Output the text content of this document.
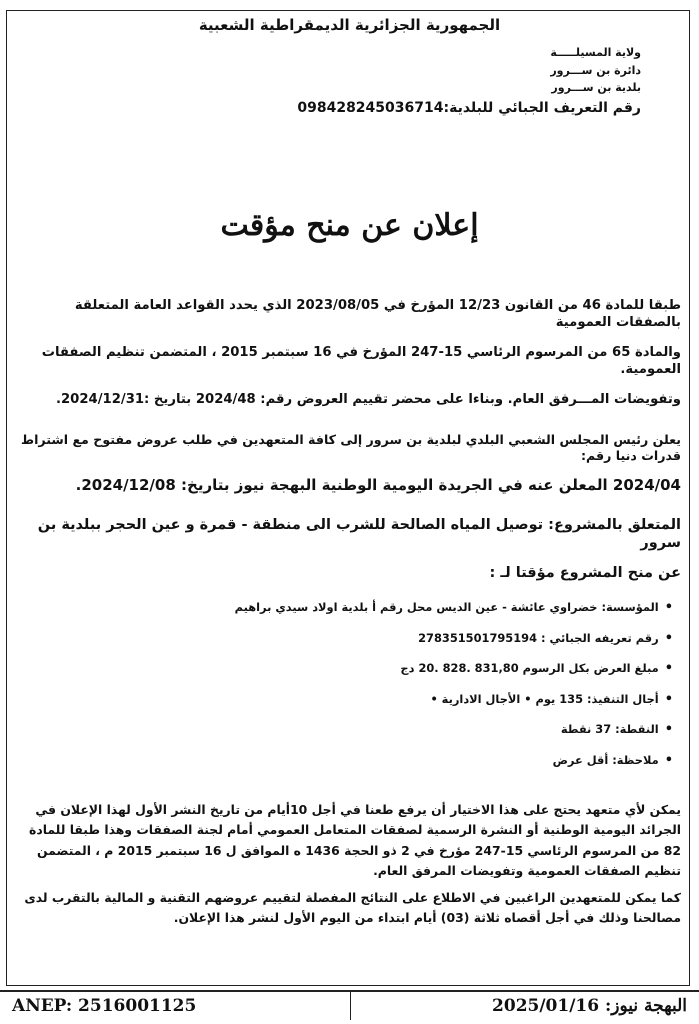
الجمهورية الجزائرية الديمقراطية الشعبية
ولاية المسيلـــــة
دائرة بن ســـرور
بلدية بن ســـرور
رقم التعريف الجبائي للبلدية:098428245036714
إعلان عن منح مؤقت
طبقا للمادة 46 من القانون 12/23 المؤرخ في 2023/08/05 الذي يحدد القواعد العامة المتعلقة بالصفقات العمومية
والمادة 65 من المرسوم الرئاسي 15-247 المؤرخ في 16 سبتمبر 2015 ، المتضمن تنظيم الصفقات العمومية.
وتفويضات المـــرفق العام. وبناءا على محضر تقييم العروض رقم: 2024/48 بتاريخ :2024/12/31.
يعلن رئيس المجلس الشعبي البلدي لبلدية بن سرور إلى كافة المتعهدين في طلب عروض مفتوح مع اشتراط قدرات دنيا رقم:
2024/04 المعلن عنه في الجريدة اليومية الوطنية البهجة نيوز بتاريخ: 2024/12/08.
المتعلق بالمشروع: توصيل المياه الصالحة للشرب الى منطقة - قمرة و عين الحجر ببلدية بن سرور
عن منح المشروع مؤقتا لـ :
•
المؤسسة: خضراوي عائشة - عين الديس محل رقم أ بلدية اولاد سيدي براهيم
•
رقم تعريفه الجبائي : 278351501795194
•
مبلغ العرض بكل الرسوم 831,80 .828 .20 دج
•
أجال التنفيذ: 135 يوم • الأجال الادارية •
•
النقطة: 37 نقطة
•
ملاحظة: أقل عرض

يمكن لأي متعهد يحتج على هذا الاختيار أن يرفع طعنا في أجل 10أيام من تاريخ النشر الأول لهذا الإعلان في الجرائد اليومية الوطنية أو النشرة الرسمية لصفقات المتعامل العمومي أمام لجنة الصفقات وهذا طبقا للمادة 82 من المرسوم الرئاسي 15-247 مؤرخ في 2 ذو الحجة 1436 ه الموافق ل 16 سبتمبر 2015 م ، المتضمن تنظيم الصفقات العمومية وتفويضات المرفق العام.

كما يمكن للمتعهدين الراغبين في الاطلاع على النتائج المفصلة لتقييم عروضهم التقنية و المالية بالتقرب لدى مصالحنا وذلك في أجل أقصاه ثلاثة (03) أيام ابتداء من اليوم الأول لنشر هذا الإعلان.

البهجة نيوز: 2025/01/16
ANEP: 2516001125
